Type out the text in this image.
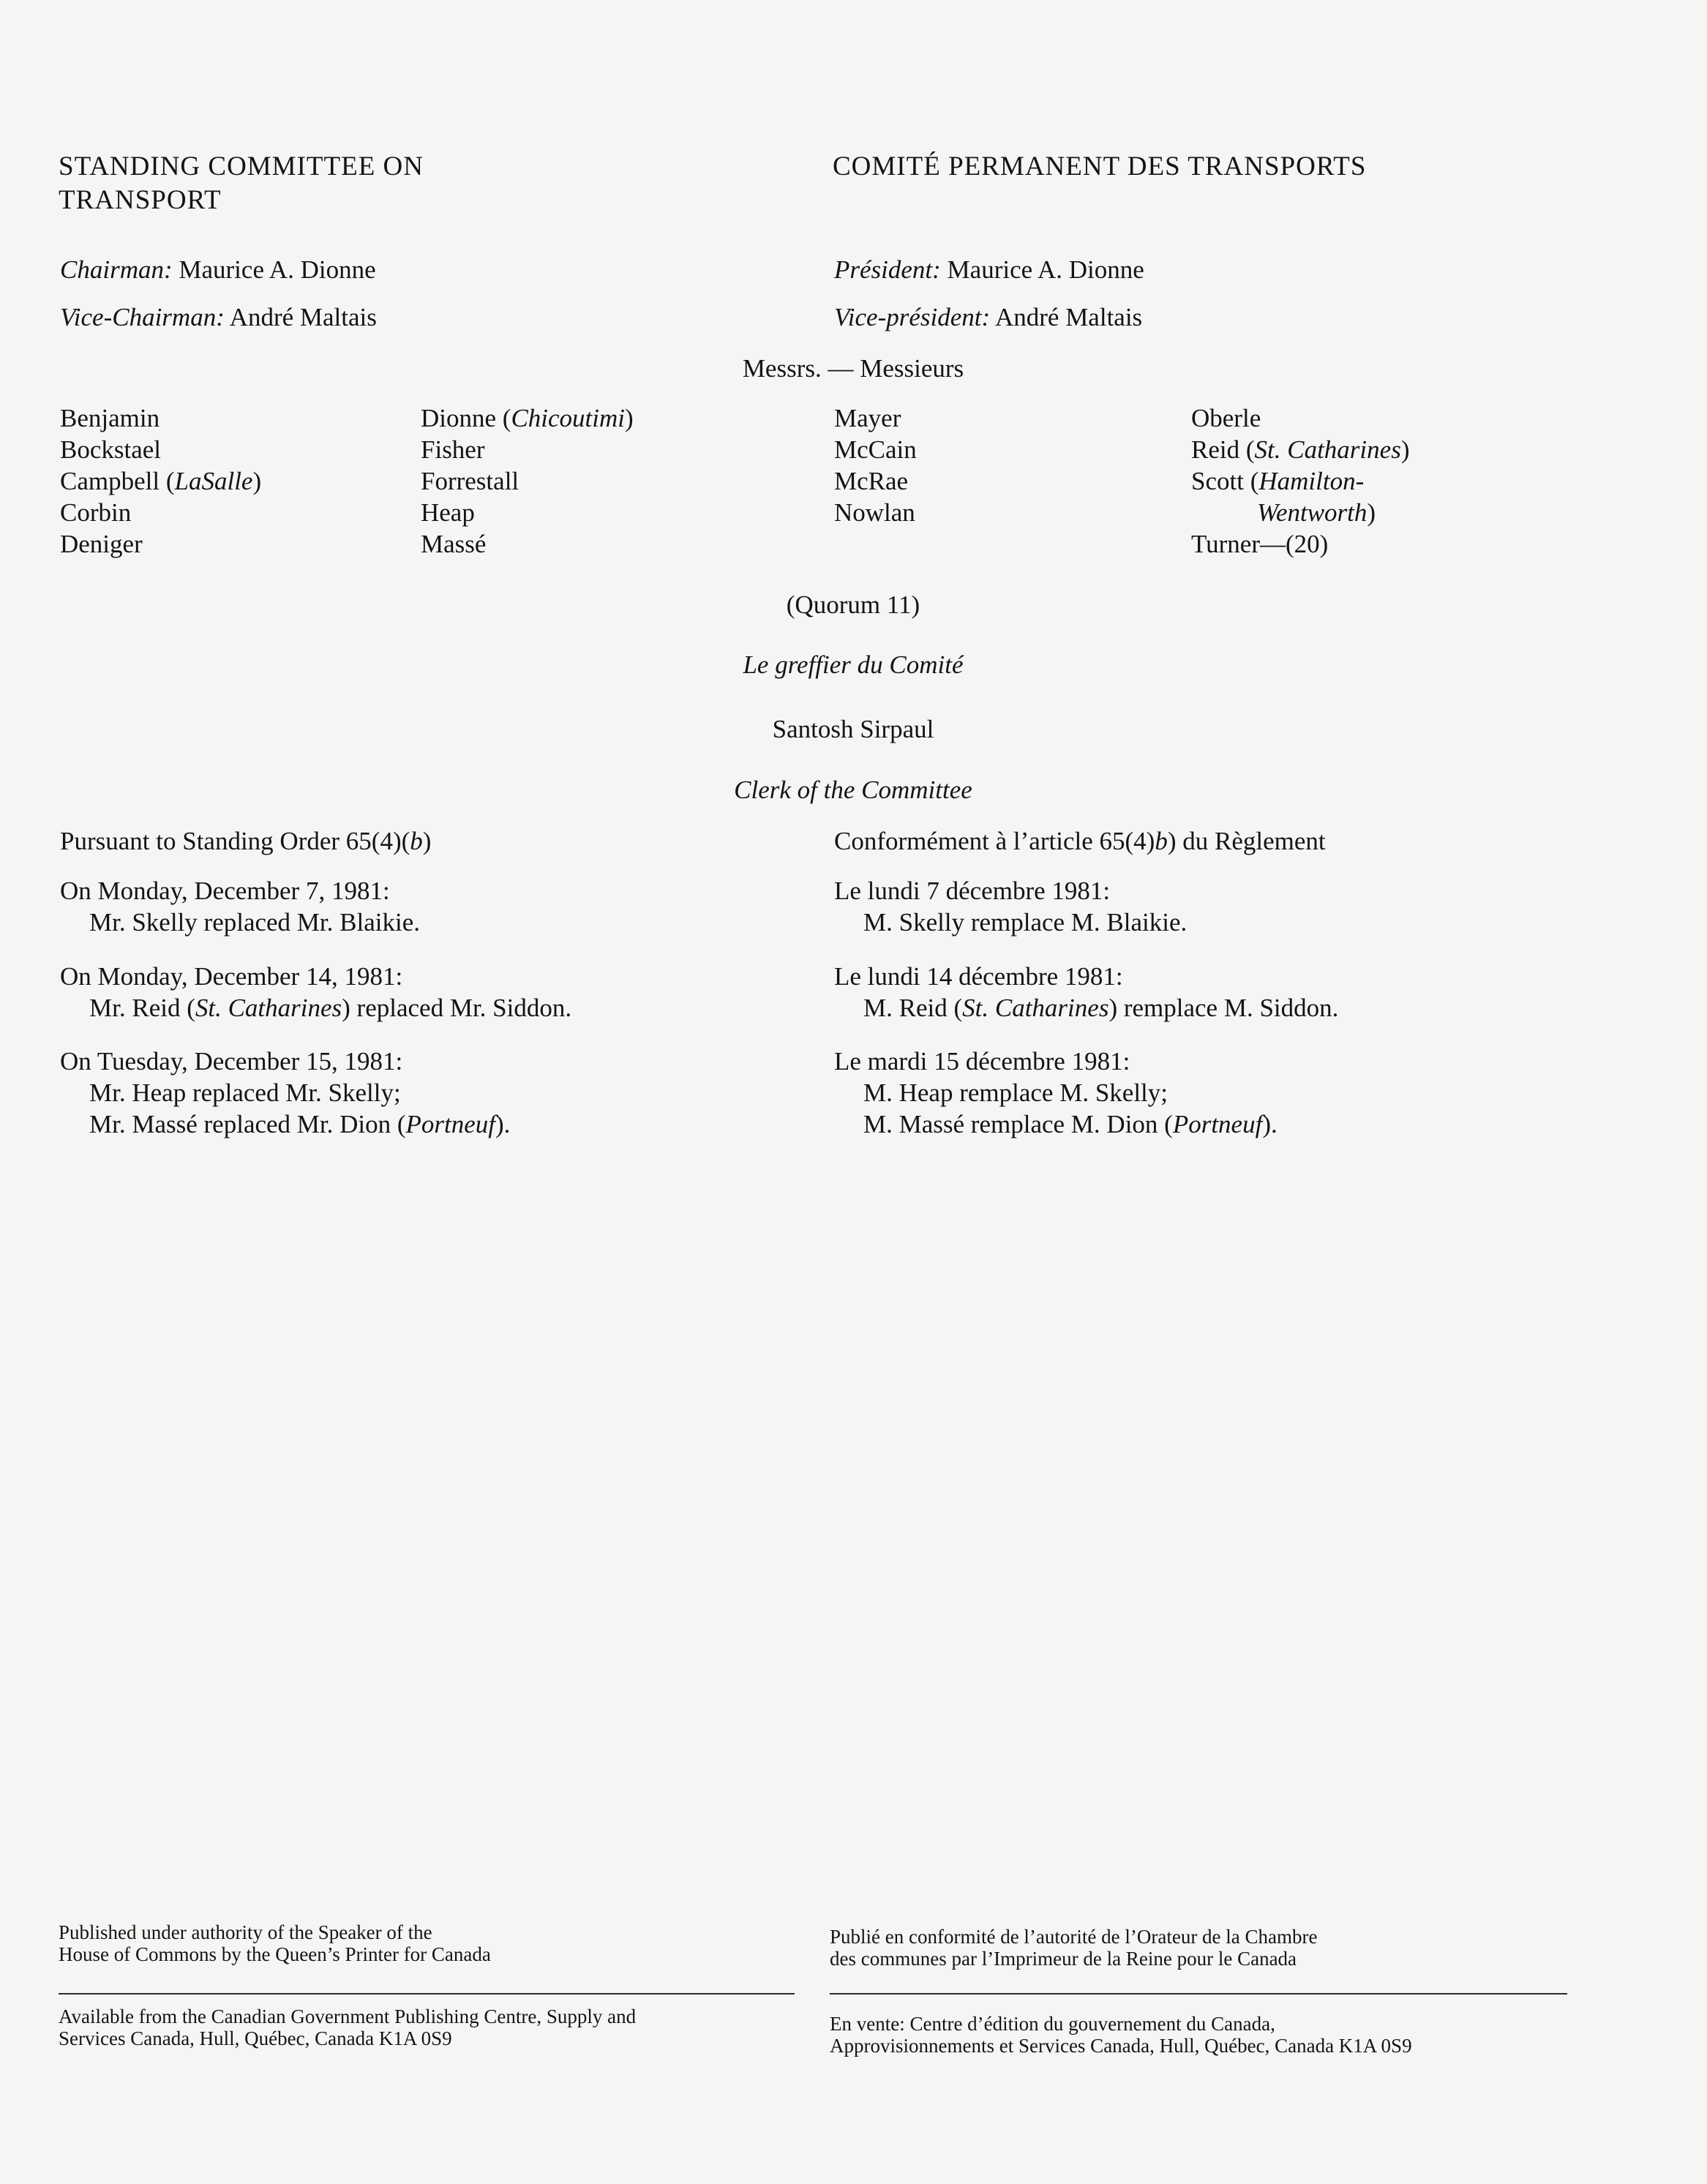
STANDING COMMITTEE ON TRANSPORT
COMITÉ PERMANENT DES TRANSPORTS
Chairman: Maurice A. Dionne
Vice-Chairman: André Maltais
Président: Maurice A. Dionne
Vice-président: André Maltais
Messrs. — Messieurs
Benjamin
Bockstael
Campbell (LaSalle)
Corbin
Deniger
Dionne (Chicoutimi)
Fisher
Forrestall
Heap
Massé
Mayer
McCain
McRae
Nowlan
Oberle
Reid (St. Catharines)
Scott (Hamilton-
Wentworth)
Turner—(20)
(Quorum 11)
Le greffier du Comité
Santosh Sirpaul
Clerk of the Committee
Pursuant to Standing Order 65(4)(b)	Conformément à l’article 65(4)b) du Règlement
On Monday, December 7, 1981:
Mr. Skelly replaced Mr. Blaikie.
On Monday, December 14, 1981:
Mr. Reid (St. Catharines) replaced Mr. Siddon.
On Tuesday, December 15, 1981:
Mr. Heap replaced Mr. Skelly;
Mr. Massé replaced Mr. Dion (Portneuf).
Le lundi 7 décembre 1981:
M. Skelly remplace M. Blaikie.
Le lundi 14 décembre 1981:
M. Reid (St. Catharines) remplace M. Siddon.
Le mardi 15 décembre 1981:
M. Heap remplace M. Skelly;
M. Massé remplace M. Dion (Portneuf).
Published under authority of the Speaker of the
House of Commons by the Queen’s Printer for Canada
Publié en conformité de l’autorité de l’Orateur de la Chambre
des communes par l’Imprimeur de la Reine pour le Canada
Available from the Canadian Government Publishing Centre, Supply and
Services Canada, Hull, Québec, Canada K1A 0S9
En vente: Centre d’édition du gouvernement du Canada,
Approvisionnements et Services Canada, Hull, Québec, Canada K1A 0S9
